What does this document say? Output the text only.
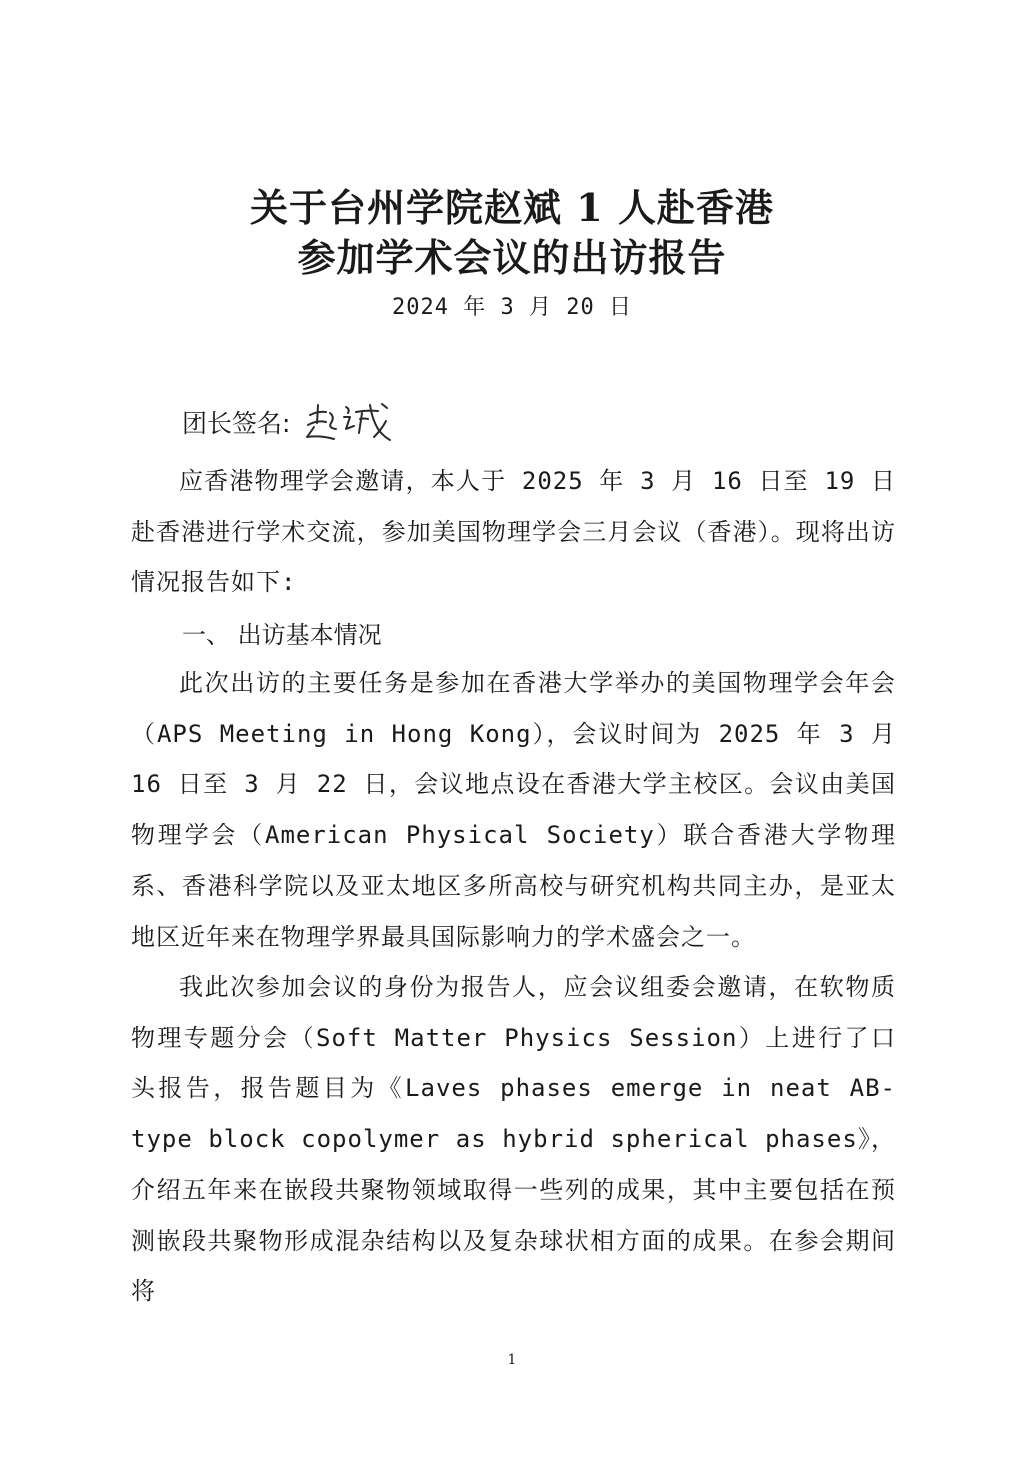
关于台州学院赵斌 1 人赴香港
参加学术会议的出访报告
2024 年 3 月 20 日
团长签名:

应香港物理学会邀请，本人于 2025 年 3 月 16 日至 19 日赴香港进行学术交流，参加美国物理学会三月会议（香港）。现将出访情况报告如下:

一、 出访基本情况

此次出访的主要任务是参加在香港大学举办的美国物理学会年会（APS Meeting in Hong Kong），会议时间为 2025 年 3 月 16 日至 3 月 22 日，会议地点设在香港大学主校区。会议由美国物理学会（American Physical Society）联合香港大学物理系、香港科学院以及亚太地区多所高校与研究机构共同主办，是亚太地区近年来在物理学界最具国际影响力的学术盛会之一。

我此次参加会议的身份为报告人，应会议组委会邀请，在软物质物理专题分会（Soft Matter Physics Session）上进行了口头报告，报告题目为《Laves phases emerge in neat AB-type block copolymer as hybrid spherical phases》，介绍五年来在嵌段共聚物领域取得一些列的成果，其中主要包括在预测嵌段共聚物形成混杂结构以及复杂球状相方面的成果。在参会期间将

1
